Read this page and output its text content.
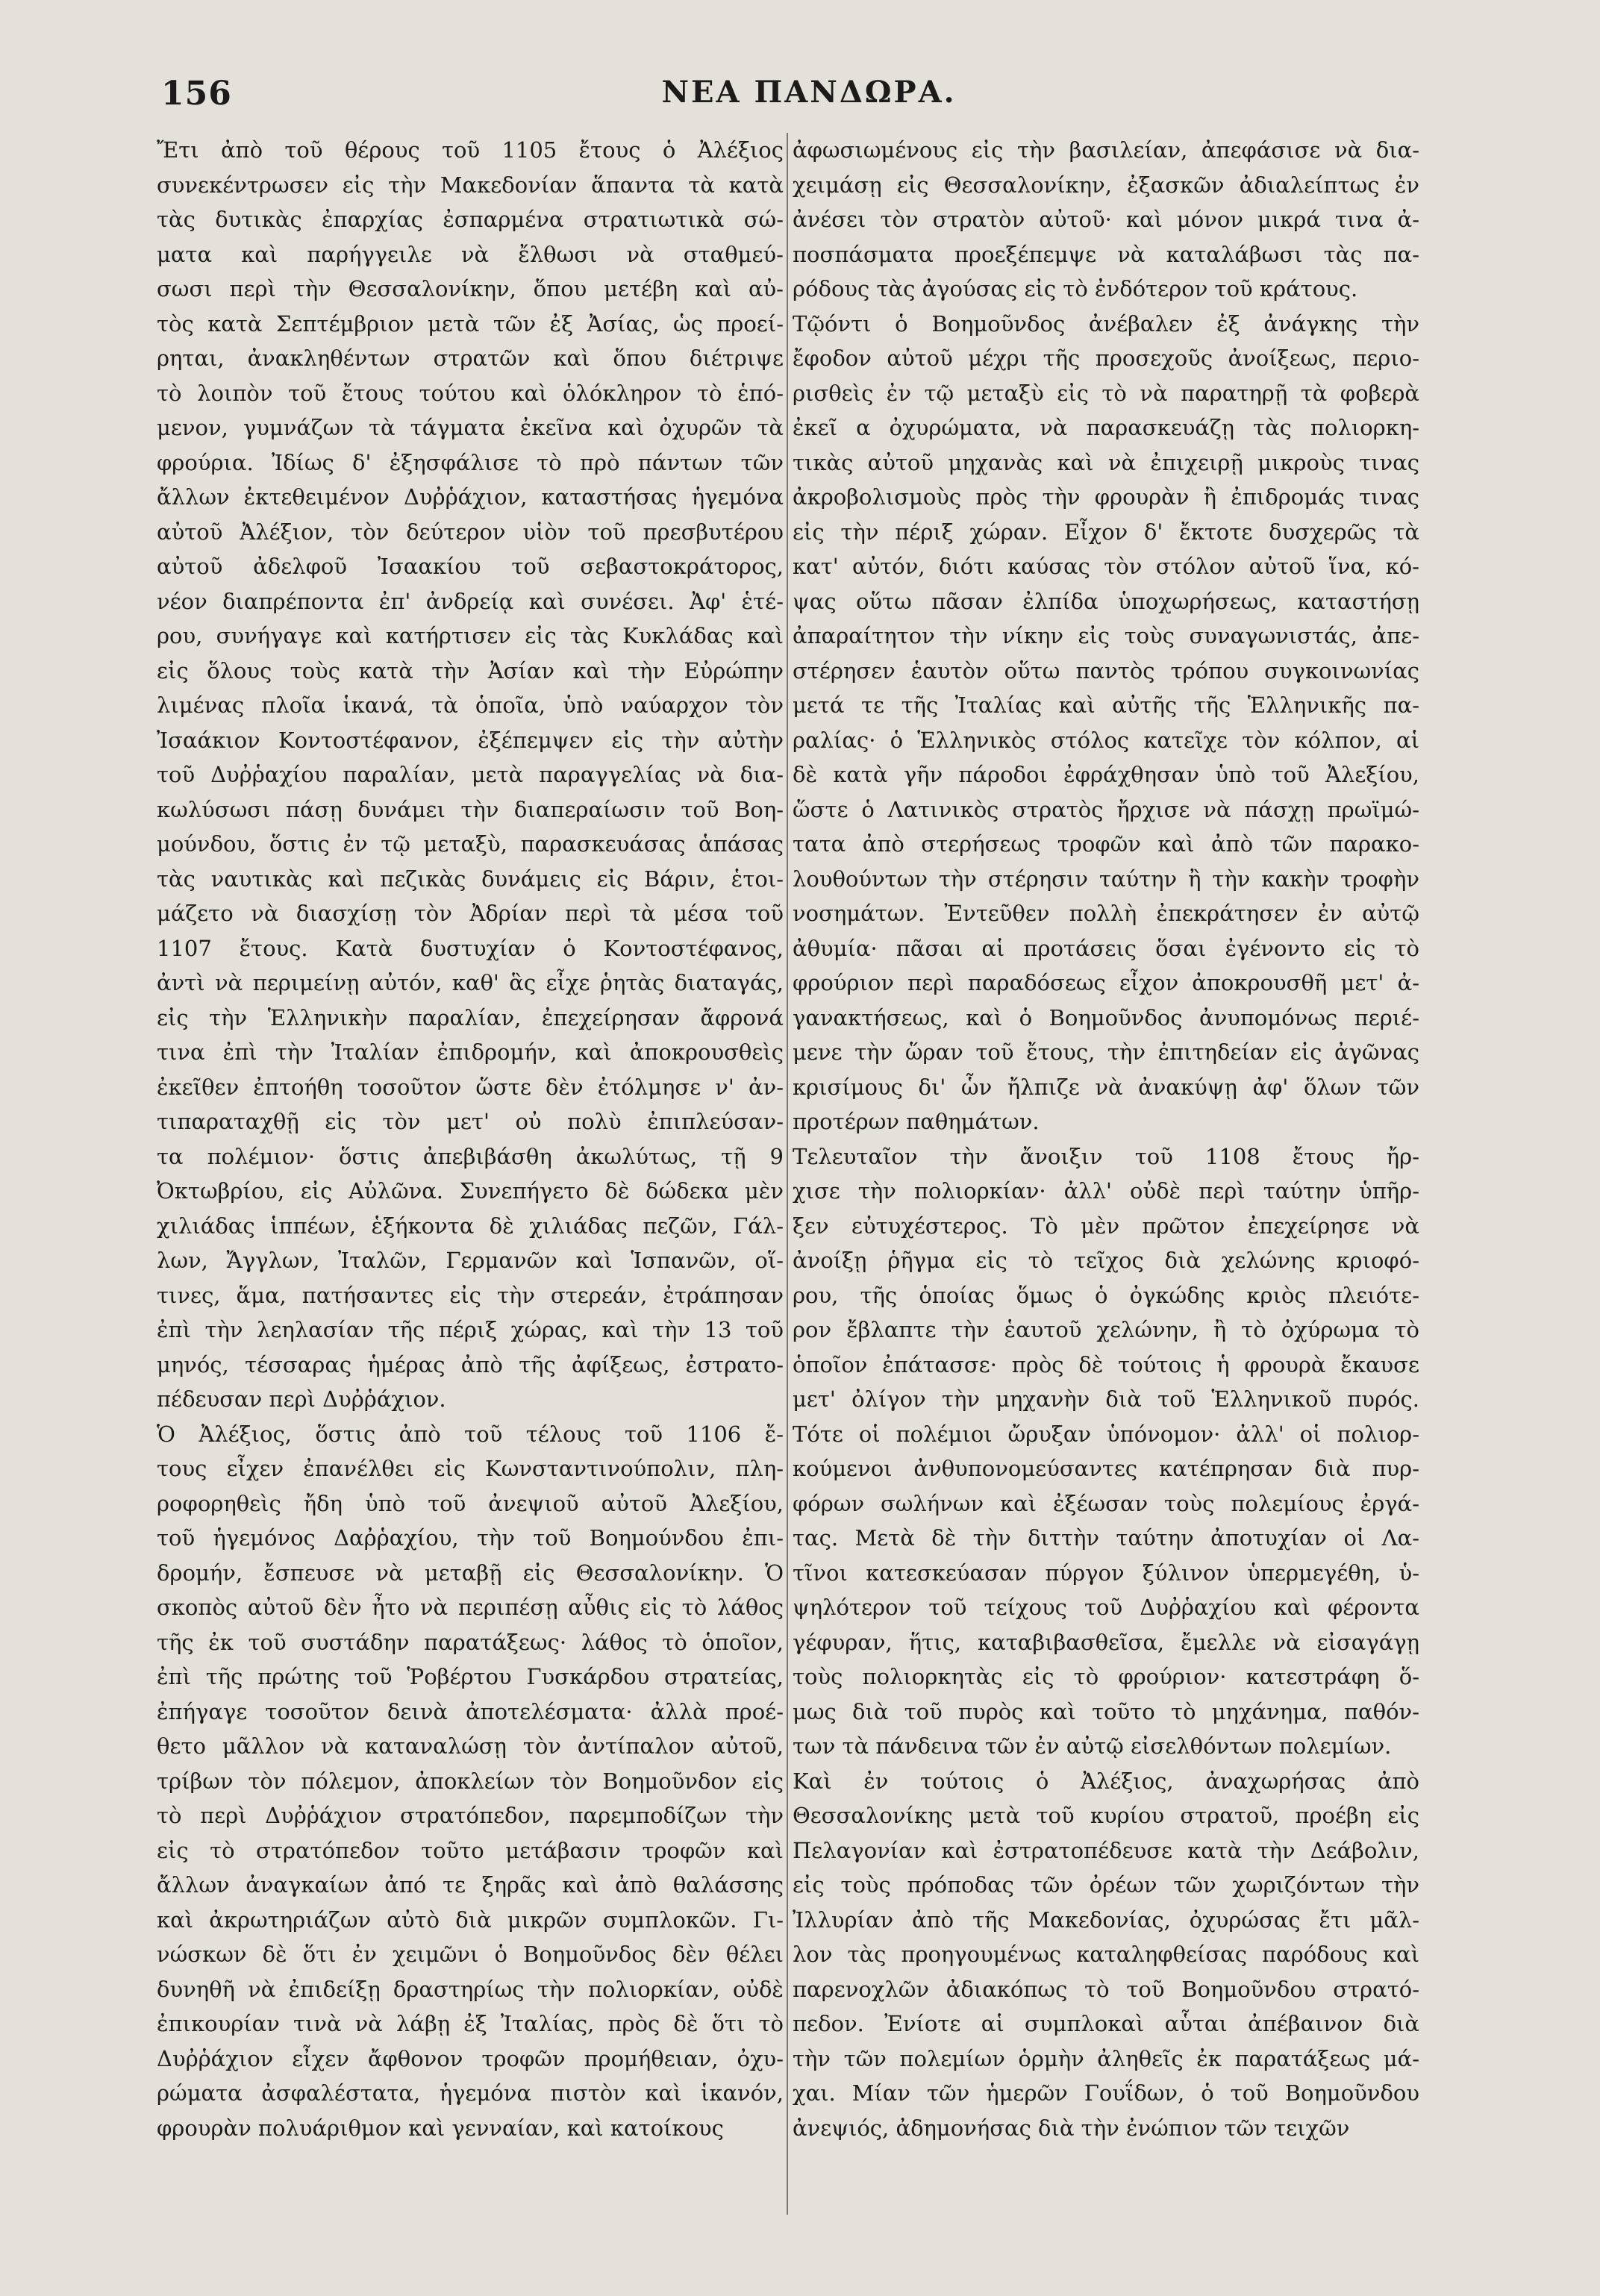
156	ΝΕΑ ΠΑΝΔΩΡΑ.
Ἔτι ἀπὸ τοῦ θέρους τοῦ 1105 ἔτους ὁ Ἀλέξιος
συνεκέντρωσεν εἰς τὴν Μακεδονίαν ἅπαντα τὰ κατὰ
τὰς δυτικὰς ἐπαρχίας ἐσπαρμένα στρατιωτικὰ σώ-
ματα καὶ παρήγγειλε νὰ ἔλθωσι νὰ σταθμεύ-
σωσι περὶ τὴν Θεσσαλονίκην, ὅπου μετέβη καὶ αὐ-
τὸς κατὰ Σεπτέμβριον μετὰ τῶν ἐξ Ἀσίας, ὡς προεί-
ρηται, ἀνακληθέντων στρατῶν καὶ ὅπου διέτριψε
τὸ λοιπὸν τοῦ ἔτους τούτου καὶ ὁλόκληρον τὸ ἑπό-
μενον, γυμνάζων τὰ τάγματα ἐκεῖνα καὶ ὀχυρῶν τὰ
φρούρια. Ἰδίως δ' ἐξησφάλισε τὸ πρὸ πάντων τῶν
ἄλλων ἐκτεθειμένον Δυῤῥάχιον, καταστήσας ἡγεμόνα
αὐτοῦ Ἀλέξιον, τὸν δεύτερον υἱὸν τοῦ πρεσβυτέρου
αὐτοῦ ἀδελφοῦ Ἰσαακίου τοῦ σεβαστοκράτορος,
νέον διαπρέποντα ἐπ' ἀνδρείᾳ καὶ συνέσει. Ἀφ' ἑτέ-
ρου, συνήγαγε καὶ κατήρτισεν εἰς τὰς Κυκλάδας καὶ
εἰς ὅλους τοὺς κατὰ τὴν Ἀσίαν καὶ τὴν Εὐρώπην
λιμένας πλοῖα ἱκανά, τὰ ὁποῖα, ὑπὸ ναύαρχον τὸν
Ἰσαάκιον Κοντοστέφανον, ἐξέπεμψεν εἰς τὴν αὐτὴν
τοῦ Δυῤῥαχίου παραλίαν, μετὰ παραγγελίας νὰ δια-
κωλύσωσι πάσῃ δυνάμει τὴν διαπεραίωσιν τοῦ Βοη-
μούνδου, ὅστις ἐν τῷ μεταξὺ, παρασκευάσας ἁπάσας
τὰς ναυτικὰς καὶ πεζικὰς δυνάμεις εἰς Βάριν, ἑτοι-
μάζετο νὰ διασχίσῃ τὸν Ἀδρίαν περὶ τὰ μέσα τοῦ
1107 ἔτους. Κατὰ δυστυχίαν ὁ Κοντοστέφανος,
ἀντὶ νὰ περιμείνῃ αὐτόν, καθ' ἃς εἶχε ῥητὰς διαταγάς,
εἰς τὴν Ἑλληνικὴν παραλίαν, ἐπεχείρησαν ἄφρονά
τινα ἐπὶ τὴν Ἰταλίαν ἐπιδρομήν, καὶ ἀποκρουσθεὶς
ἐκεῖθεν ἐπτοήθη τοσοῦτον ὥστε δὲν ἐτόλμησε ν' ἀν-
τιπαραταχθῇ εἰς τὸν μετ' οὐ πολὺ ἐπιπλεύσαν-
τα πολέμιον· ὅστις ἀπεβιβάσθη ἀκωλύτως, τῇ 9
Ὀκτωβρίου, εἰς Αὐλῶνα. Συνεπήγετο δὲ δώδεκα μὲν
χιλιάδας ἱππέων, ἑξήκοντα δὲ χιλιάδας πεζῶν, Γάλ-
λων, Ἄγγλων, Ἰταλῶν, Γερμανῶν καὶ Ἱσπανῶν, οἵ-
τινες, ἅμα, πατήσαντες εἰς τὴν στερεάν, ἐτράπησαν
ἐπὶ τὴν λεηλασίαν τῆς πέριξ χώρας, καὶ τὴν 13 τοῦ
μηνός, τέσσαρας ἡμέρας ἀπὸ τῆς ἀφίξεως, ἐστρατο-
πέδευσαν περὶ Δυῤῥάχιον.
Ὁ Ἀλέξιος, ὅστις ἀπὸ τοῦ τέλους τοῦ 1106 ἔ-
τους εἶχεν ἐπανέλθει εἰς Κωνσταντινούπολιν, πλη-
ροφορηθεὶς ἤδη ὑπὸ τοῦ ἀνεψιοῦ αὐτοῦ Ἀλεξίου,
τοῦ ἡγεμόνος Δαῤῥαχίου, τὴν τοῦ Βοημούνδου ἐπι-
δρομήν, ἔσπευσε νὰ μεταβῇ εἰς Θεσσαλονίκην. Ὁ
σκοπὸς αὐτοῦ δὲν ἦτο νὰ περιπέσῃ αὖθις εἰς τὸ λάθος
τῆς ἐκ τοῦ συστάδην παρατάξεως· λάθος τὸ ὁποῖον,
ἐπὶ τῆς πρώτης τοῦ Ῥοβέρτου Γυσκάρδου στρατείας,
ἐπήγαγε τοσοῦτον δεινὰ ἀποτελέσματα· ἀλλὰ προέ-
θετο μᾶλλον νὰ καταναλώσῃ τὸν ἀντίπαλον αὐτοῦ,
τρίβων τὸν πόλεμον, ἀποκλείων τὸν Βοημοῦνδον εἰς
τὸ περὶ Δυῤῥάχιον στρατόπεδον, παρεμποδίζων τὴν
εἰς τὸ στρατόπεδον τοῦτο μετάβασιν τροφῶν καὶ
ἄλλων ἀναγκαίων ἀπό τε ξηρᾶς καὶ ἀπὸ θαλάσσης
καὶ ἀκρωτηριάζων αὐτὸ διὰ μικρῶν συμπλοκῶν. Γι-
νώσκων δὲ ὅτι ἐν χειμῶνι ὁ Βοημοῦνδος δὲν θέλει
δυνηθῆ νὰ ἐπιδείξῃ δραστηρίως τὴν πολιορκίαν, οὐδὲ
ἐπικουρίαν τινὰ νὰ λάβῃ ἐξ Ἰταλίας, πρὸς δὲ ὅτι τὸ
Δυῤῥάχιον εἶχεν ἄφθονον τροφῶν προμήθειαν, ὀχυ-
ρώματα ἀσφαλέστατα, ἡγεμόνα πιστὸν καὶ ἱκανόν,
φρουρὰν πολυάριθμον καὶ γενναίαν, καὶ κατοίκους
ἀφωσιωμένους εἰς τὴν βασιλείαν, ἀπεφάσισε νὰ δια-
χειμάσῃ εἰς Θεσσαλονίκην, ἐξασκῶν ἀδιαλείπτως ἐν
ἀνέσει τὸν στρατὸν αὐτοῦ· καὶ μόνον μικρά τινα ἀ-
ποσπάσματα προεξέπεμψε νὰ καταλάβωσι τὰς πα-
ρόδους τὰς ἀγούσας εἰς τὸ ἐνδότερον τοῦ κράτους.
Τῷόντι ὁ Βοημοῦνδος ἀνέβαλεν ἐξ ἀνάγκης τὴν
ἔφοδον αὐτοῦ μέχρι τῆς προσεχοῦς ἀνοίξεως, περιο-
ρισθεὶς ἐν τῷ μεταξὺ εἰς τὸ νὰ παρατηρῇ τὰ φοβερὰ
ἐκεῖ α ὀχυρώματα, νὰ παρασκευάζῃ τὰς πολιορκη-
τικὰς αὐτοῦ μηχανὰς καὶ νὰ ἐπιχειρῇ μικροὺς τινας
ἀκροβολισμοὺς πρὸς τὴν φρουρὰν ἢ ἐπιδρομάς τινας
εἰς τὴν πέριξ χώραν. Εἶχον δ' ἔκτοτε δυσχερῶς τὰ
κατ' αὐτόν, διότι καύσας τὸν στόλον αὐτοῦ ἵνα, κό-
ψας οὕτω πᾶσαν ἐλπίδα ὑποχωρήσεως, καταστήσῃ
ἀπαραίτητον τὴν νίκην εἰς τοὺς συναγωνιστάς, ἀπε-
στέρησεν ἑαυτὸν οὕτω παντὸς τρόπου συγκοινωνίας
μετά τε τῆς Ἰταλίας καὶ αὐτῆς τῆς Ἑλληνικῆς πα-
ραλίας· ὁ Ἑλληνικὸς στόλος κατεῖχε τὸν κόλπον, αἱ
δὲ κατὰ γῆν πάροδοι ἐφράχθησαν ὑπὸ τοῦ Ἀλεξίου,
ὥστε ὁ Λατινικὸς στρατὸς ἤρχισε νὰ πάσχῃ πρωϊμώ-
τατα ἀπὸ στερήσεως τροφῶν καὶ ἀπὸ τῶν παρακο-
λουθούντων τὴν στέρησιν ταύτην ἢ τὴν κακὴν τροφὴν
νοσημάτων. Ἐντεῦθεν πολλὴ ἐπεκράτησεν ἐν αὐτῷ
ἀθυμία· πᾶσαι αἱ προτάσεις ὅσαι ἐγένοντο εἰς τὸ
φρούριον περὶ παραδόσεως εἶχον ἀποκρουσθῆ μετ' ἀ-
γανακτήσεως, καὶ ὁ Βοημοῦνδος ἀνυπομόνως περιέ-
μενε τὴν ὥραν τοῦ ἔτους, τὴν ἐπιτηδείαν εἰς ἀγῶνας
κρισίμους δι' ὧν ἤλπιζε νὰ ἀνακύψῃ ἀφ' ὅλων τῶν
προτέρων παθημάτων.
Τελευταῖον τὴν ἄνοιξιν τοῦ 1108 ἔτους ἤρ-
χισε τὴν πολιορκίαν· ἀλλ' οὐδὲ περὶ ταύτην ὑπῆρ-
ξεν εὐτυχέστερος. Τὸ μὲν πρῶτον ἐπεχείρησε νὰ
ἀνοίξῃ ῥῆγμα εἰς τὸ τεῖχος διὰ χελώνης κριοφό-
ρου, τῆς ὁποίας ὅμως ὁ ὀγκώδης κριὸς πλειότε-
ρον ἔβλαπτε τὴν ἑαυτοῦ χελώνην, ἢ τὸ ὀχύρωμα τὸ
ὁποῖον ἐπάτασσε· πρὸς δὲ τούτοις ἡ φρουρὰ ἔκαυσε
μετ' ὀλίγον τὴν μηχανὴν διὰ τοῦ Ἑλληνικοῦ πυρός.
Τότε οἱ πολέμιοι ὤρυξαν ὑπόνομον· ἀλλ' οἱ πολιορ-
κούμενοι ἀνθυπονομεύσαντες κατέπρησαν διὰ πυρ-
φόρων σωλήνων καὶ ἐξέωσαν τοὺς πολεμίους ἐργά-
τας. Μετὰ δὲ τὴν διττὴν ταύτην ἀποτυχίαν οἱ Λα-
τῖνοι κατεσκεύασαν πύργον ξύλινον ὑπερμεγέθη, ὑ-
ψηλότερον τοῦ τείχους τοῦ Δυῤῥαχίου καὶ φέροντα
γέφυραν, ἥτις, καταβιβασθεῖσα, ἔμελλε νὰ εἰσαγάγῃ
τοὺς πολιορκητὰς εἰς τὸ φρούριον· κατεστράφη ὅ-
μως διὰ τοῦ πυρὸς καὶ τοῦτο τὸ μηχάνημα, παθόν-
των τὰ πάνδεινα τῶν ἐν αὐτῷ εἰσελθόντων πολεμίων.
Καὶ ἐν τούτοις ὁ Ἀλέξιος, ἀναχωρήσας ἀπὸ
Θεσσαλονίκης μετὰ τοῦ κυρίου στρατοῦ, προέβη εἰς
Πελαγονίαν καὶ ἐστρατοπέδευσε κατὰ τὴν Δεάβολιν,
εἰς τοὺς πρόποδας τῶν ὀρέων τῶν χωριζόντων τὴν
Ἰλλυρίαν ἀπὸ τῆς Μακεδονίας, ὀχυρώσας ἔτι μᾶλ-
λον τὰς προηγουμένως καταληφθείσας παρόδους καὶ
παρενοχλῶν ἀδιακόπως τὸ τοῦ Βοημοῦνδου στρατό-
πεδον. Ἐνίοτε αἱ συμπλοκαὶ αὗται ἀπέβαινον διὰ
τὴν τῶν πολεμίων ὁρμὴν ἀληθεῖς ἐκ παρατάξεως μά-
χαι. Μίαν τῶν ἡμερῶν Γουΐδων, ὁ τοῦ Βοημοῦνδου
ἀνεψιός, ἀδημονήσας διὰ τὴν ἐνώπιον τῶν τειχῶν
